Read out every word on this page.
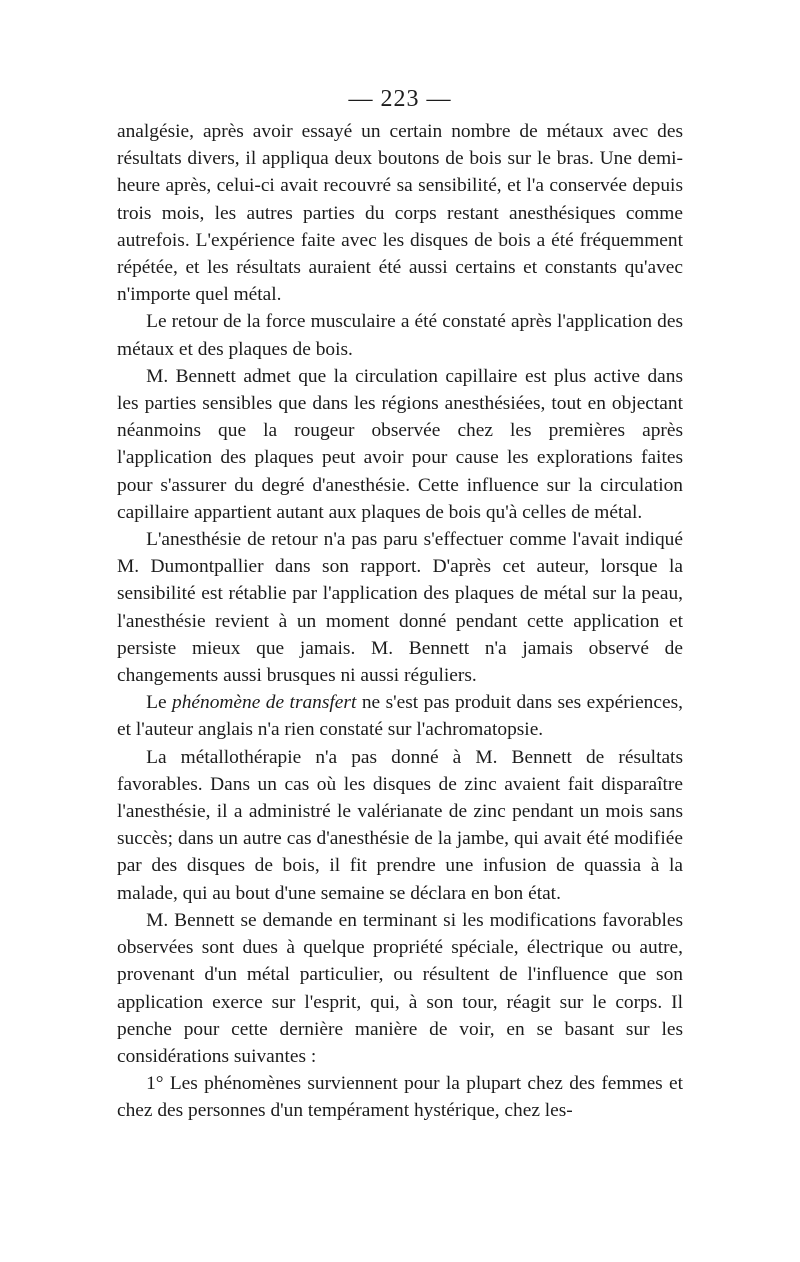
— 223 —

analgésie, après avoir essayé un certain nombre de métaux avec des résultats divers, il appliqua deux boutons de bois sur le bras. Une demi-heure après, celui-ci avait recouvré sa sensibilité, et l'a conservée depuis trois mois, les autres parties du corps restant anesthésiques comme autrefois. L'expérience faite avec les disques de bois a été fréquemment répétée, et les résultats auraient été aussi certains et constants qu'avec n'importe quel métal.

Le retour de la force musculaire a été constaté après l'application des métaux et des plaques de bois.

M. Bennett admet que la circulation capillaire est plus active dans les parties sensibles que dans les régions anesthésiées, tout en objectant néanmoins que la rougeur observée chez les premières après l'application des plaques peut avoir pour cause les explorations faites pour s'assurer du degré d'anesthésie. Cette influence sur la circulation capillaire appartient autant aux plaques de bois qu'à celles de métal.

L'anesthésie de retour n'a pas paru s'effectuer comme l'avait indiqué M. Dumontpallier dans son rapport. D'après cet auteur, lorsque la sensibilité est rétablie par l'application des plaques de métal sur la peau, l'anesthésie revient à un moment donné pendant cette application et persiste mieux que jamais. M. Bennett n'a jamais observé de changements aussi brusques ni aussi réguliers.

Le phénomène de transfert ne s'est pas produit dans ses expériences, et l'auteur anglais n'a rien constaté sur l'achromatopsie.

La métallothérapie n'a pas donné à M. Bennett de résultats favorables. Dans un cas où les disques de zinc avaient fait disparaître l'anesthésie, il a administré le valérianate de zinc pendant un mois sans succès; dans un autre cas d'anesthésie de la jambe, qui avait été modifiée par des disques de bois, il fit prendre une infusion de quassia à la malade, qui au bout d'une semaine se déclara en bon état.

M. Bennett se demande en terminant si les modifications favorables observées sont dues à quelque propriété spéciale, électrique ou autre, provenant d'un métal particulier, ou résultent de l'influence que son application exerce sur l'esprit, qui, à son tour, réagit sur le corps. Il penche pour cette dernière manière de voir, en se basant sur les considérations suivantes :

1° Les phénomènes surviennent pour la plupart chez des femmes et chez des personnes d'un tempérament hystérique, chez les-
